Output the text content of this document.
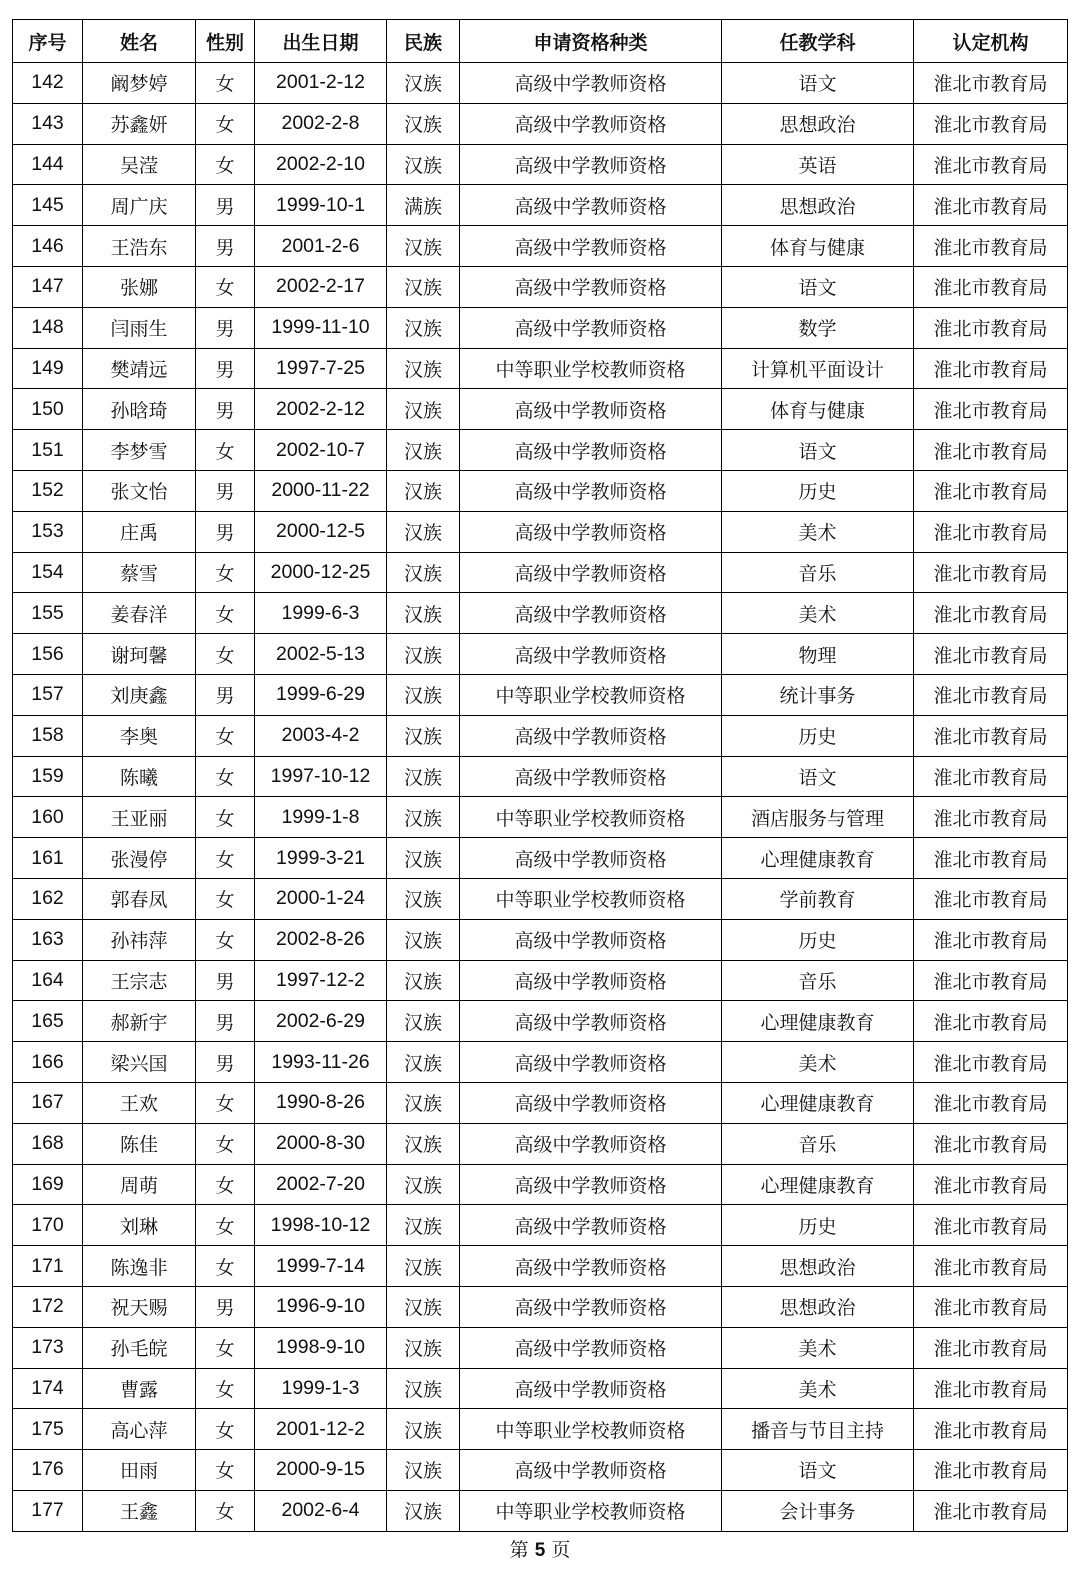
序号	姓名	性别	出生日期	民族	申请资格种类	任教学科	认定机构
142	阚梦婷	女	2001-2-12	汉族	高级中学教师资格	语文	淮北市教育局
143	苏鑫妍	女	2002-2-8	汉族	高级中学教师资格	思想政治	淮北市教育局
144	吴滢	女	2002-2-10	汉族	高级中学教师资格	英语	淮北市教育局
145	周广庆	男	1999-10-1	满族	高级中学教师资格	思想政治	淮北市教育局
146	王浩东	男	2001-2-6	汉族	高级中学教师资格	体育与健康	淮北市教育局
147	张娜	女	2002-2-17	汉族	高级中学教师资格	语文	淮北市教育局
148	闫雨生	男	1999-11-10	汉族	高级中学教师资格	数学	淮北市教育局
149	樊靖远	男	1997-7-25	汉族	中等职业学校教师资格	计算机平面设计	淮北市教育局
150	孙晗琦	男	2002-2-12	汉族	高级中学教师资格	体育与健康	淮北市教育局
151	李梦雪	女	2002-10-7	汉族	高级中学教师资格	语文	淮北市教育局
152	张文怡	男	2000-11-22	汉族	高级中学教师资格	历史	淮北市教育局
153	庄禹	男	2000-12-5	汉族	高级中学教师资格	美术	淮北市教育局
154	蔡雪	女	2000-12-25	汉族	高级中学教师资格	音乐	淮北市教育局
155	姜春洋	女	1999-6-3	汉族	高级中学教师资格	美术	淮北市教育局
156	谢珂馨	女	2002-5-13	汉族	高级中学教师资格	物理	淮北市教育局
157	刘庚鑫	男	1999-6-29	汉族	中等职业学校教师资格	统计事务	淮北市教育局
158	李奥	女	2003-4-2	汉族	高级中学教师资格	历史	淮北市教育局
159	陈曦	女	1997-10-12	汉族	高级中学教师资格	语文	淮北市教育局
160	王亚丽	女	1999-1-8	汉族	中等职业学校教师资格	酒店服务与管理	淮北市教育局
161	张漫停	女	1999-3-21	汉族	高级中学教师资格	心理健康教育	淮北市教育局
162	郭春凤	女	2000-1-24	汉族	中等职业学校教师资格	学前教育	淮北市教育局
163	孙祎萍	女	2002-8-26	汉族	高级中学教师资格	历史	淮北市教育局
164	王宗志	男	1997-12-2	汉族	高级中学教师资格	音乐	淮北市教育局
165	郝新宇	男	2002-6-29	汉族	高级中学教师资格	心理健康教育	淮北市教育局
166	梁兴国	男	1993-11-26	汉族	高级中学教师资格	美术	淮北市教育局
167	王欢	女	1990-8-26	汉族	高级中学教师资格	心理健康教育	淮北市教育局
168	陈佳	女	2000-8-30	汉族	高级中学教师资格	音乐	淮北市教育局
169	周萌	女	2002-7-20	汉族	高级中学教师资格	心理健康教育	淮北市教育局
170	刘琳	女	1998-10-12	汉族	高级中学教师资格	历史	淮北市教育局
171	陈逸非	女	1999-7-14	汉族	高级中学教师资格	思想政治	淮北市教育局
172	祝天赐	男	1996-9-10	汉族	高级中学教师资格	思想政治	淮北市教育局
173	孙毛皖	女	1998-9-10	汉族	高级中学教师资格	美术	淮北市教育局
174	曹露	女	1999-1-3	汉族	高级中学教师资格	美术	淮北市教育局
175	高心萍	女	2001-12-2	汉族	中等职业学校教师资格	播音与节目主持	淮北市教育局
176	田雨	女	2000-9-15	汉族	高级中学教师资格	语文	淮北市教育局
177	王鑫	女	2002-6-4	汉族	中等职业学校教师资格	会计事务	淮北市教育局
第 5 页
